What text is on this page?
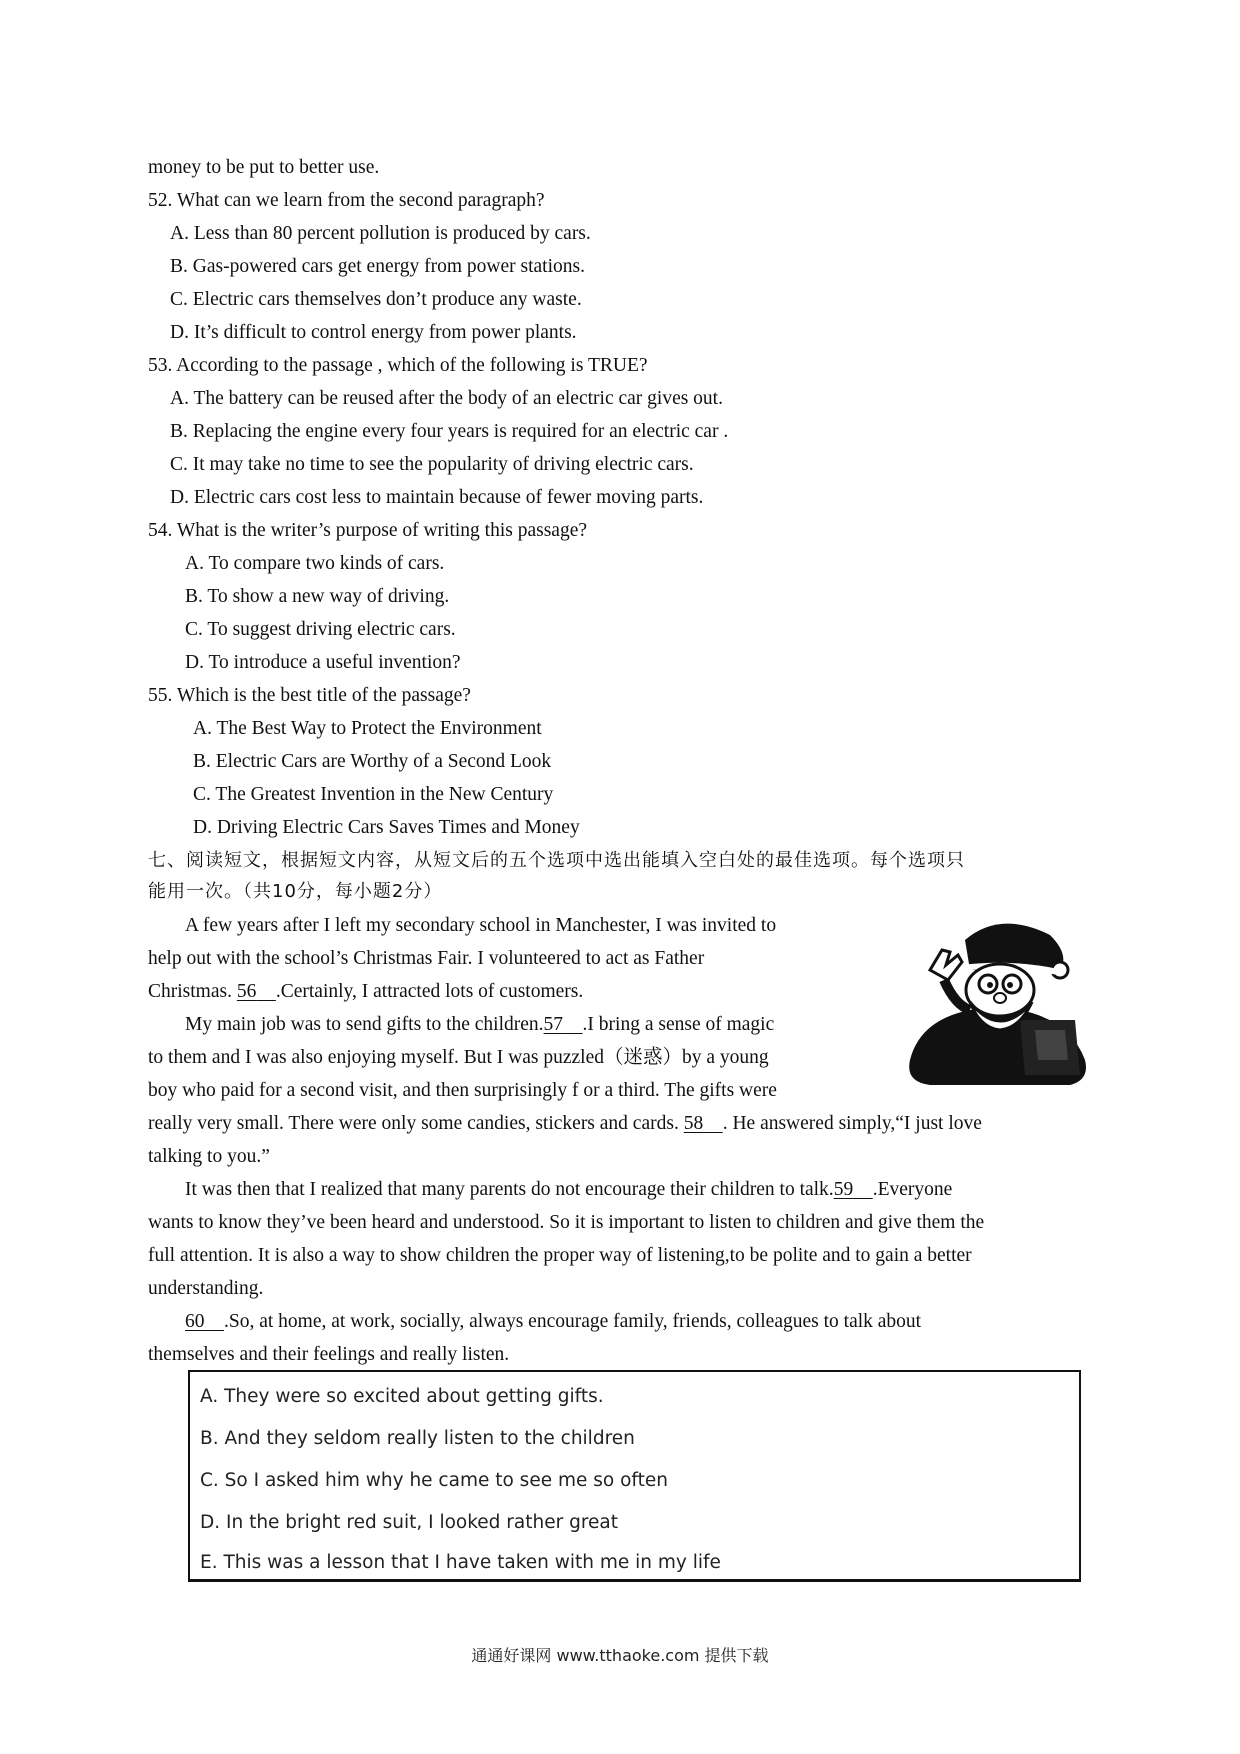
money to be put to better use.
52. What can we learn from the second paragraph?
A. Less than 80 percent pollution is produced by cars.
B. Gas-powered cars get energy from power stations.
C. Electric cars themselves don’t produce any waste.
D. It’s difficult to control energy from power plants.
53. According to the passage , which of the following is TRUE?
A. The battery can be reused after the body of an electric car gives out.
B. Replacing the engine every four years is required for an electric car .
C. It may take no time to see the popularity of driving electric cars.
D. Electric cars cost less to maintain because of fewer moving parts.
54. What is the writer’s purpose of writing this passage?
A. To compare two kinds of cars.
B. To show a new way of driving.
C. To suggest driving electric cars.
D. To introduce a useful invention?
55. Which is the best title of the passage?
A. The Best Way to Protect the Environment
B. Electric Cars are Worthy of a Second Look
C. The Greatest Invention in the New Century
D. Driving Electric Cars Saves Times and Money
七、阅读短文，根据短文内容，从短文后的五个选项中选出能填入空白处的最佳选项。每个选项只
能用一次。（共10分，每小题2分）
A few years after I left my secondary school in Manchester, I was invited to
help out with the school’s Christmas Fair. I volunteered to act as Father
Christmas. 56 .Certainly, I attracted lots of customers.
My main job was to send gifts to the children.57 .I bring a sense of magic
to them and I was also enjoying myself. But I was puzzled（迷惑）by a young
boy who paid for a second visit, and then surprisingly f or a third. The gifts were
really very small. There were only some candies, stickers and cards. 58 . He answered simply,“I just love
talking to you.”
It was then that I realized that many parents do not encourage their children to talk.59 .Everyone
wants to know they’ve been heard and understood. So it is important to listen to children and give them the
full attention. It is also a way to show children the proper way of listening,to be polite and to gain a better
understanding.
60 .So, at home, at work, socially, always encourage family, friends, colleagues to talk about
themselves and their feelings and really listen.
A. They were so excited about getting gifts.
B. And they seldom really listen to the children
C. So I asked him why he came to see me so often
D. In the bright red suit, I looked rather great
E. This was a lesson that I have taken with me in my life
通通好课网 www.tthaoke.com 提供下载
